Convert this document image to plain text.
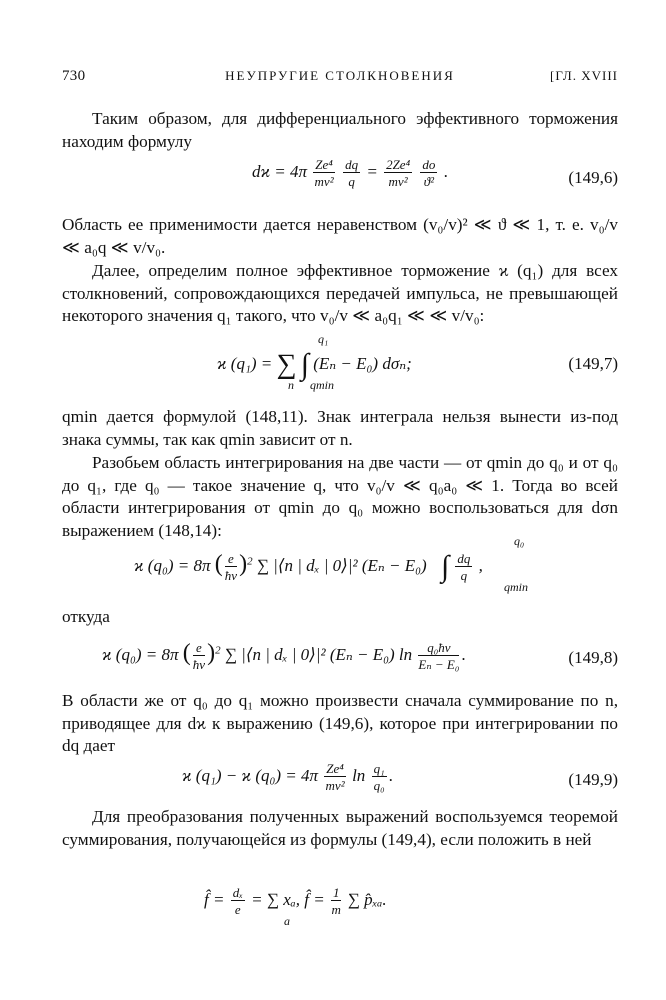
730	НЕУПРУГИЕ СТОЛКНОВЕНИЯ	[ГЛ. XVIII

Таким образом, для дифференциального эффективного торможения находим формулу

$dϰ = 4\pi \frac{\text{Ze⁴}}{\text{mv²}}$
$\frac{dq}{q} = \frac{\text{2Ze⁴}}{\text{mv²}}$
$\frac{do}{\text{ϑ²}}$ .	(149,6)

Область ее применимости дается неравенством (v₀/v)² ≪ ϑ ≪ 1, т. е. v₀/v ≪ a₀q ≪ v/v₀.

Далее, определим полное эффективное торможение ϰ (q₁) для всех столкновений, сопровождающихся передачей импульса, не превышающей некоторого значения q₁ такого, что v₀/v ≪ a₀q₁ ≪ ≪ v/v₀:

ϰ (q₁) = ∑ ∫ (Eₙ − E₀) dσₙ;
n
q₁
qmin
(149,7)

qmin дается формулой (148,11). Знак интеграла нельзя вынести из-под знака суммы, так как qmin зависит от n.

Разобьем область интегрирования на две части — от qmin до q₀ и от q₀ до q₁, где q₀ — такое значение q, что v₀/v ≪ q₀a₀ ≪ 1. Тогда во всей области интегрирования от qmin до q₀ можно воспользоваться для dσn выражением (148,14):

ϰ (q₀) = 8π ( $\frac{e}{ħv} )^2$ ∑ |⟨n | dₓ | 0⟩|² (Eₙ − E₀) ∫ $\frac{dq}{q}$ ,
q₀
qmin

откуда

ϰ (q₀) = 8π ( $\frac{e}{ħv} )^2$ ∑ |⟨n | dₓ | 0⟩|² (Eₙ − E₀) $\ln \frac{\text{q₀ħv}}{\text{Eₙ − E₀}}$ .	(149,8)

В области же от q₀ до q₁ можно произвести сначала суммирование по n, приводящее для dϰ к выражению (149,6), которое при интегрировании по dq дает

ϰ (q₁) − ϰ $(q_0) = 4\pi \frac{\text{Ze⁴}}{\text{mv²}}$ $\ln \frac{\text{q₁}}{\text{q₀}}$ .	(149,9)

Для преобразования полученных выражений воспользуемся теоремой суммирования, получающейся из формулы (149,4), если положить в ней

f̂ = $\frac{\text{dₓ}}{e}$ = ∑ xₐ, f̂ = $\frac{1}{m}$ ∑ p̂ₓₐ.
a
